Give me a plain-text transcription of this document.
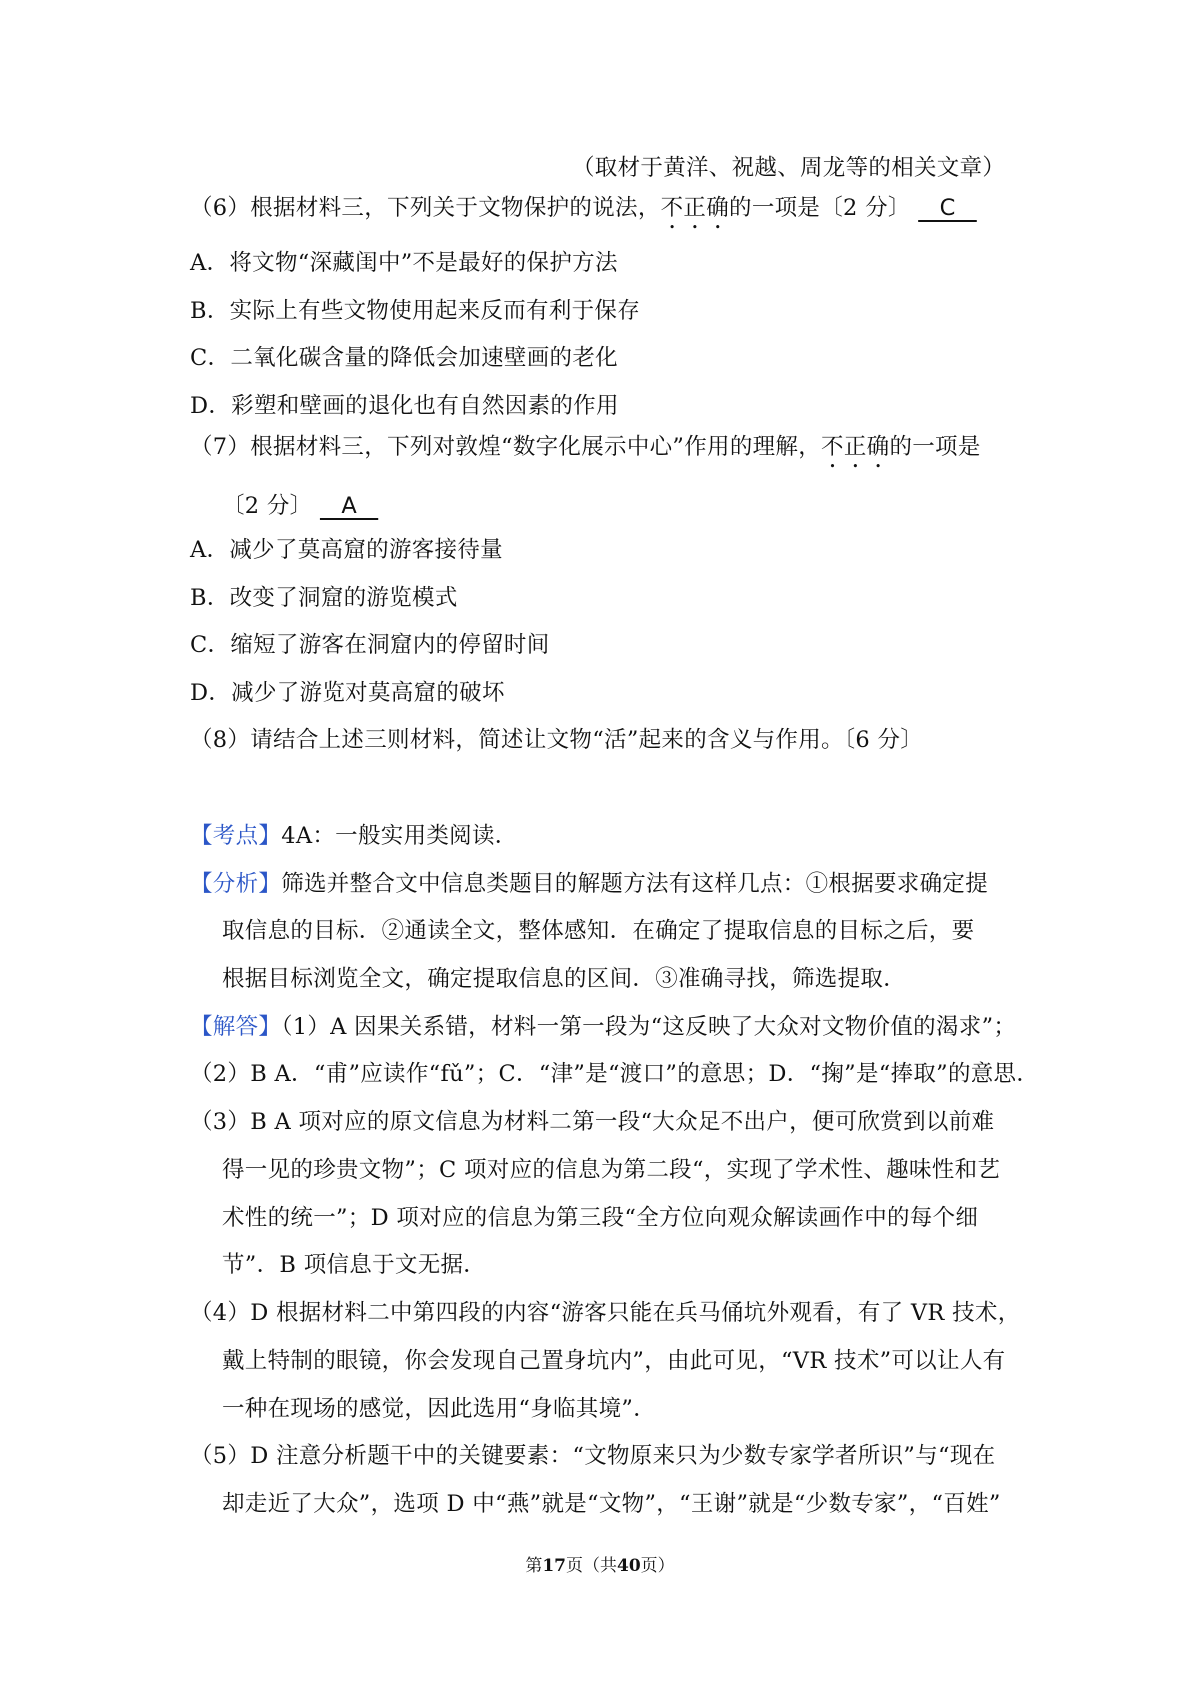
（取材于黄洋、祝越、周龙等的相关文章）
（6）根据材料三，下列关于文物保护的说法，不正确的一项是〔2 分〕    C
A．将文物“深藏闺中”不是最好的保护方法
B．实际上有些文物使用起来反而有利于保存
C．二氧化碳含量的降低会加速壁画的老化
D．彩塑和壁画的退化也有自然因素的作用
（7）根据材料三，下列对敦煌“数字化展示中心”作用的理解，不正确的一项是
〔2 分〕    A
A．减少了莫高窟的游客接待量
B．改变了洞窟的游览模式
C．缩短了游客在洞窟内的停留时间
D．减少了游览对莫高窟的破坏
（8）请结合上述三则材料，简述让文物“活”起来的含义与作用。〔6 分〕
【考点】4A：一般实用类阅读．
【分析】筛选并整合文中信息类题目的解题方法有这样几点：①根据要求确定提
取信息的目标．②通读全文，整体感知．在确定了提取信息的目标之后，要
根据目标浏览全文，确定提取信息的区间．③准确寻找，筛选提取．
【解答】（1）A 因果关系错，材料一第一段为“这反映了大众对文物价值的渴求”；
（2）B A．“甫”应读作“fǔ”；C．“津”是“渡口”的意思；D．“掬”是“捧取”的意思．
（3）B A 项对应的原文信息为材料二第一段“大众足不出户，便可欣赏到以前难
得一见的珍贵文物”；C 项对应的信息为第二段“，实现了学术性、趣味性和艺
术性的统一”；D 项对应的信息为第三段“全方位向观众解读画作中的每个细
节”．B 项信息于文无据．
（4）D 根据材料二中第四段的内容“游客只能在兵马俑坑外观看，有了 VR 技术，
戴上特制的眼镜，你会发现自己置身坑内”，由此可见，“VR 技术”可以让人有
一种在现场的感觉，因此选用“身临其境”．
（5）D 注意分析题干中的关键要素：“文物原来只为少数专家学者所识”与“现在
却走近了大众”，选项 D 中“燕”就是“文物”，“王谢”就是“少数专家”，“百姓”
第17页（共40页）
